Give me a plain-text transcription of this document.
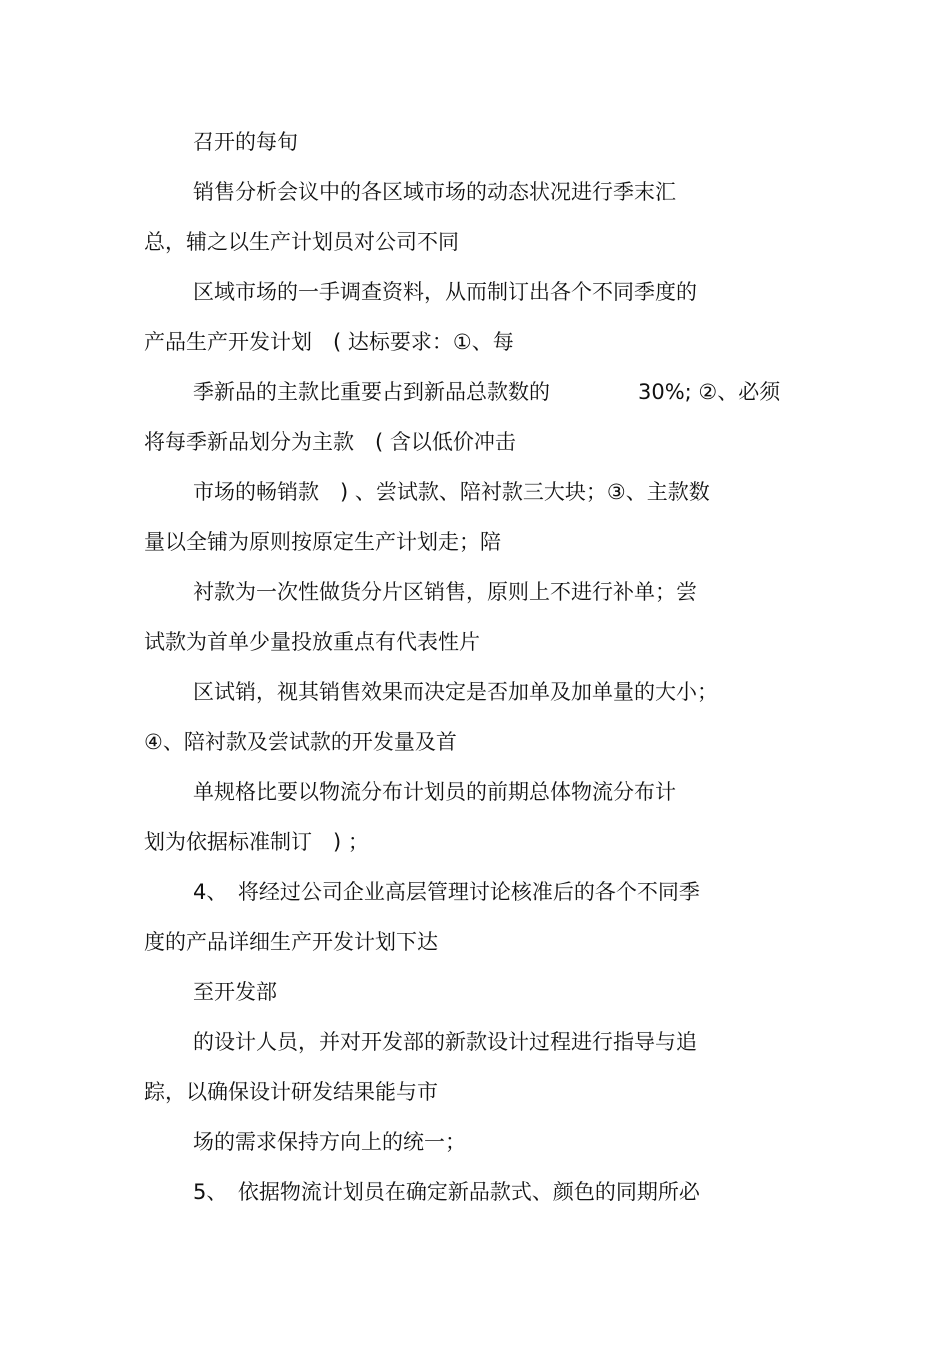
召开的每旬
销售分析会议中的各区域市场的动态状况进行季末汇
总，辅之以生产计划员对公司不同
区域市场的一手调查资料，从而制订出各个不同季度的
产品生产开发计划　( 达标要求：①、每
季新品的主款比重要占到新品总款数的	30%; ②、必须
将每季新品划分为主款　( 含以低价冲击
市场的畅销款　) 、尝试款、陪衬款三大块；③、主款数
量以全铺为原则按原定生产计划走；陪
衬款为一次性做货分片区销售，原则上不进行补单；尝
试款为首单少量投放重点有代表性片
区试销，视其销售效果而决定是否加单及加单量的大小；
④、陪衬款及尝试款的开发量及首
单规格比要以物流分布计划员的前期总体物流分布计
划为依据标准制订　) ；
4、　将经过公司企业高层管理讨论核准后的各个不同季
度的产品详细生产开发计划下达
至开发部
的设计人员，并对开发部的新款设计过程进行指导与追
踪，以确保设计研发结果能与市
场的需求保持方向上的统一；
5、　依据物流计划员在确定新品款式、颜色的同期所必
